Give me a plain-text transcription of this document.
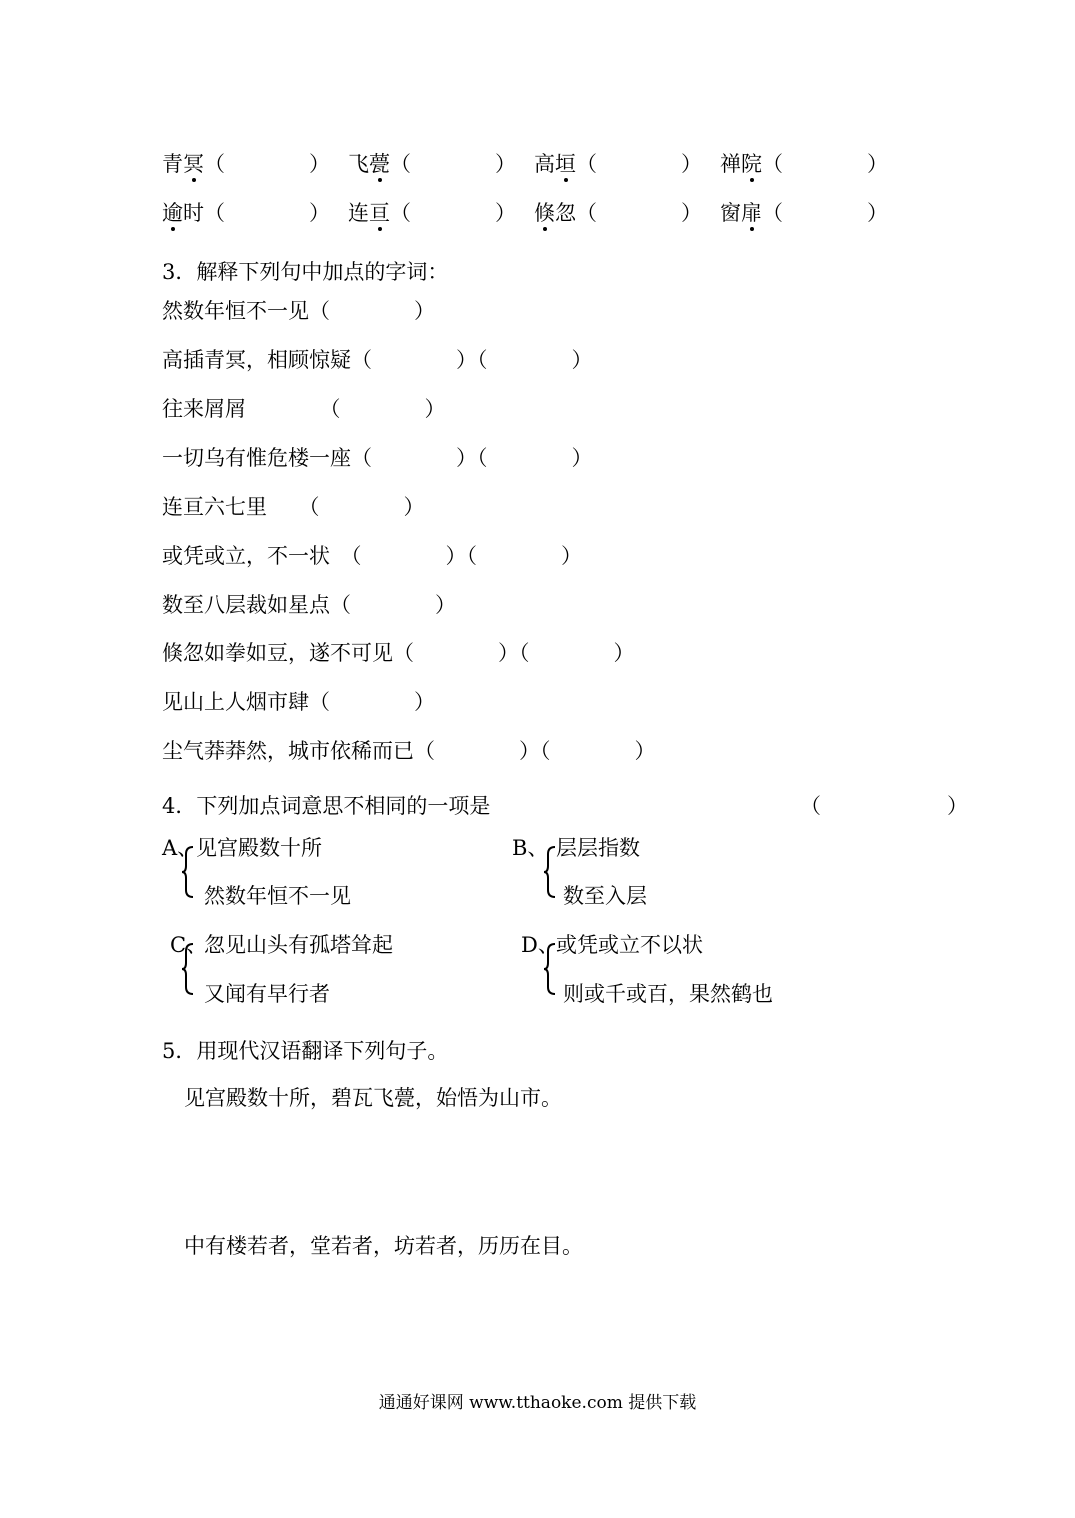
青冥（　　　　） 飞甍（　　　　） 高垣（　　　　） 禅院（　　　　）
逾时（　　　　） 连亘（　　　　） 倏忽（　　　　） 窗扉（　　　　）
3．解释下列句中加点的字词：
然数年恒不一见（　　　　）
高插青冥，相顾惊疑（　　　　）（　　　　）
往来屑屑　　　　（　　　　）
一切乌有惟危楼一座（　　　　）（　　　　）
连亘六七里　　（　　　　）
或凭或立，不一状　（　　　　）（　　　　）
数至八层裁如星点（　　　　）
倏忽如拳如豆，遂不可见（　　　　）（　　　　）
见山上人烟市肆（　　　　）
尘气莽莽然，城市依稀而已（　　　　）（　　　　）
4．下列加点词意思不相同的一项是	（　　　　　　）
A、
见宫殿数十所
然数年恒不一见
B、 层层指数
数至入层
C、
忽见山头有孤塔耸起
又闻有早行者
D、
或凭或立不以状
则或千或百，果然鹤也
5．用现代汉语翻译下列句子。
见宫殿数十所，碧瓦飞甍，始悟为山市。
中有楼若者，堂若者，坊若者，历历在目。
通通好课网 www.tthaoke.com 提供下载
